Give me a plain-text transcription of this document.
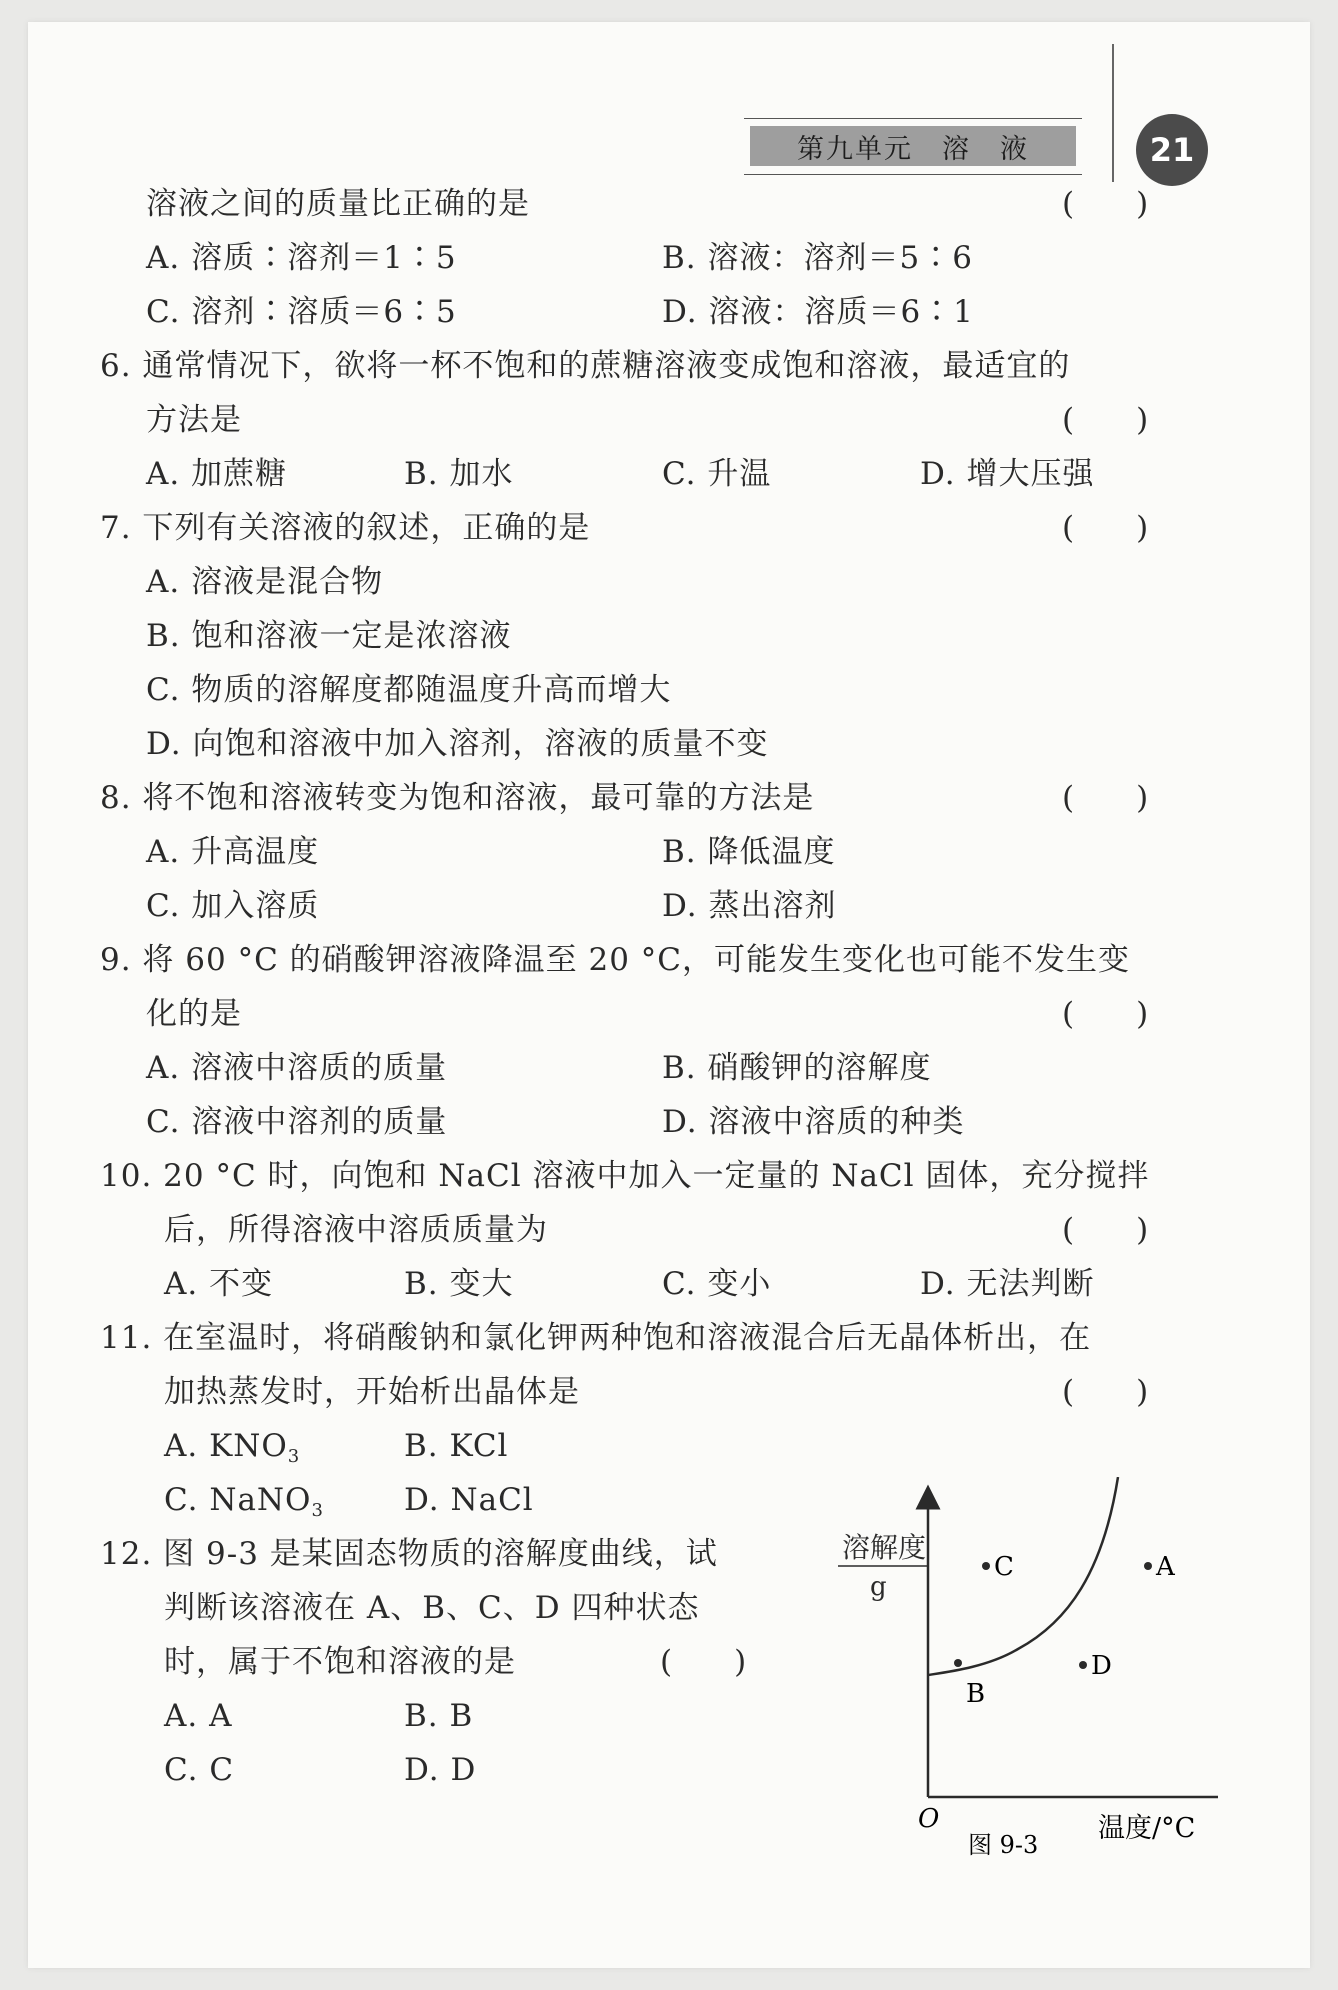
第九单元　溶　液	21
溶液之间的质量比正确的是	(　　)
A. 溶质∶溶剂＝1∶5	B. 溶液：溶剂＝5∶6
C. 溶剂∶溶质＝6∶5	D. 溶液：溶质＝6∶1
6. 通常情况下，欲将一杯不饱和的蔗糖溶液变成饱和溶液，最适宜的
方法是	(　　)
A. 加蔗糖	B. 加水	C. 升温	D. 增大压强
7. 下列有关溶液的叙述，正确的是	(　　)
A. 溶液是混合物
B. 饱和溶液一定是浓溶液
C. 物质的溶解度都随温度升高而增大
D. 向饱和溶液中加入溶剂，溶液的质量不变
8. 将不饱和溶液转变为饱和溶液，最可靠的方法是	(　　)
A. 升高温度	B. 降低温度
C. 加入溶质	D. 蒸出溶剂
9. 将 60 °C 的硝酸钾溶液降温至 20 °C，可能发生变化也可能不发生变
化的是	(　　)
A. 溶液中溶质的质量	B. 硝酸钾的溶解度
C. 溶液中溶剂的质量	D. 溶液中溶质的种类
10. 20 °C 时，向饱和 NaCl 溶液中加入一定量的 NaCl 固体，充分搅拌
后，所得溶液中溶质质量为	(　　)
A. 不变	B. 变大	C. 变小	D. 无法判断
11. 在室温时，将硝酸钠和氯化钾两种饱和溶液混合后无晶体析出，在
加热蒸发时，开始析出晶体是	(　　)
A. $KNO_3$	B. KCl
C. NaNO$_3$	D. NaCl
12. 图 9-3 是某固态物质的溶解度曲线，试
判断该溶液在 A、B、C、D 四种状态
时，属于不饱和溶液的是	(　　)
A. A	B. B
C. C	D. D
溶解度
g
B
C	A
D
O	温度/°C
图 9-3
